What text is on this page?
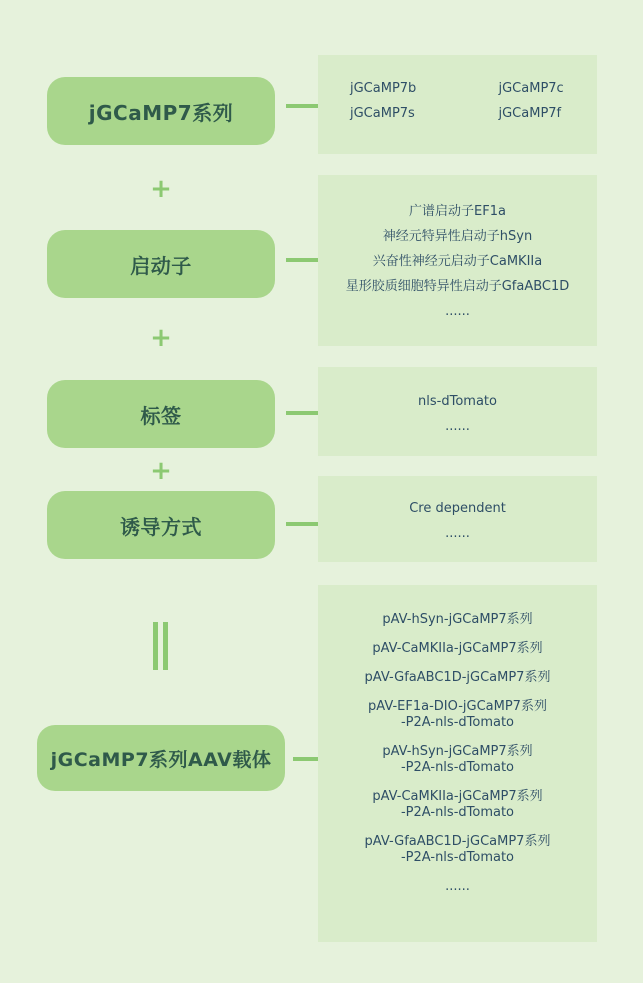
jGCaMP7系列
jGCaMP7b	jGCaMP7c
jGCaMP7s	jGCaMP7f
+
启动子
广谱启动子EF1a
神经元特异性启动子hSyn
兴奋性神经元启动子CaMKIIa
星形胶质细胞特异性启动子GfaABC1D
......
+
标签
nls-dTomato
......
+
诱导方式
Cre dependent
......
jGCaMP7系列AAV载体
pAV-hSyn-jGCaMP7系列
pAV-CaMKIIa-jGCaMP7系列
pAV-GfaABC1D-jGCaMP7系列
pAV-EF1a-DIO-jGCaMP7系列
-P2A-nls-dTomato
pAV-hSyn-jGCaMP7系列
-P2A-nls-dTomato
pAV-CaMKIIa-jGCaMP7系列
-P2A-nls-dTomato
pAV-GfaABC1D-jGCaMP7系列
-P2A-nls-dTomato
......
